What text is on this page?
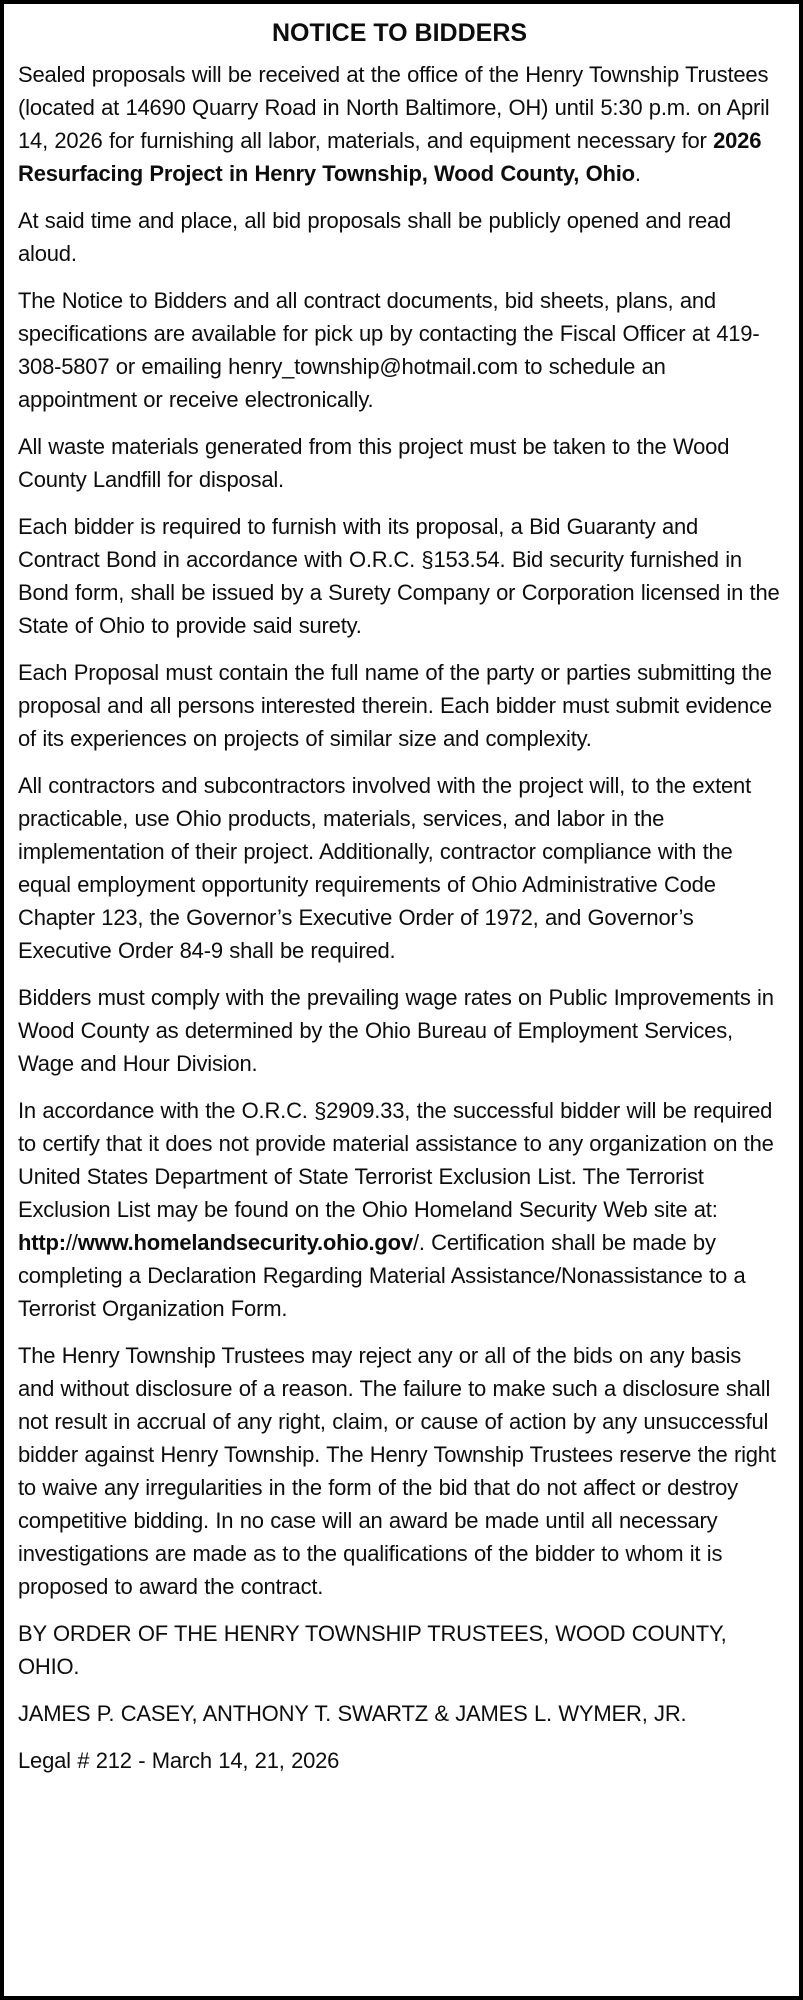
NOTICE TO BIDDERS

Sealed proposals will be received at the office of the Henry Township Trustees (located at 14690 Quarry Road in North Baltimore, OH) until 5:30 p.m. on April 14, 2026 for furnishing all labor, materials, and equipment necessary for 2026 Resurfacing Project in Henry Township, Wood County, Ohio.

At said time and place, all bid proposals shall be publicly opened and read aloud.

The Notice to Bidders and all contract documents, bid sheets, plans, and specifications are available for pick up by contacting the Fiscal Officer at 419-308-5807 or emailing henry_township@hotmail.com to schedule an appointment or receive electronically.

All waste materials generated from this project must be taken to the Wood County Landfill for disposal.

Each bidder is required to furnish with its proposal, a Bid Guaranty and Contract Bond in accordance with O.R.C. §153.54. Bid security furnished in Bond form, shall be issued by a Surety Company or Corporation licensed in the State of Ohio to provide said surety.

Each Proposal must contain the full name of the party or parties submitting the proposal and all persons interested therein. Each bidder must submit evidence of its experiences on projects of similar size and complexity.

All contractors and subcontractors involved with the project will, to the extent practicable, use Ohio products, materials, services, and labor in the implementation of their project. Additionally, contractor compliance with the equal employment opportunity requirements of Ohio Administrative Code Chapter 123, the Governor’s Executive Order of 1972, and Governor’s Executive Order 84-9 shall be required.

Bidders must comply with the prevailing wage rates on Public Improvements in Wood County as determined by the Ohio Bureau of Employment Services, Wage and Hour Division.

In accordance with the O.R.C. §2909.33, the successful bidder will be required to certify that it does not provide material assistance to any organization on the United States Department of State Terrorist Exclusion List. The Terrorist Exclusion List may be found on the Ohio Homeland Security Web site at: http://www.homelandsecurity.ohio.gov/. Certification shall be made by completing a Declaration Regarding Material Assistance/Nonassistance to a Terrorist Organization Form.

The Henry Township Trustees may reject any or all of the bids on any basis and without disclosure of a reason. The failure to make such a disclosure shall not result in accrual of any right, claim, or cause of action by any unsuccessful bidder against Henry Township. The Henry Township Trustees reserve the right to waive any irregularities in the form of the bid that do not affect or destroy competitive bidding. In no case will an award be made until all necessary investigations are made as to the qualifications of the bidder to whom it is proposed to award the contract.

BY ORDER OF THE HENRY TOWNSHIP TRUSTEES, WOOD COUNTY, OHIO.

JAMES P. CASEY, ANTHONY T. SWARTZ & JAMES L. WYMER, JR.

Legal # 212 - March 14, 21, 2026
